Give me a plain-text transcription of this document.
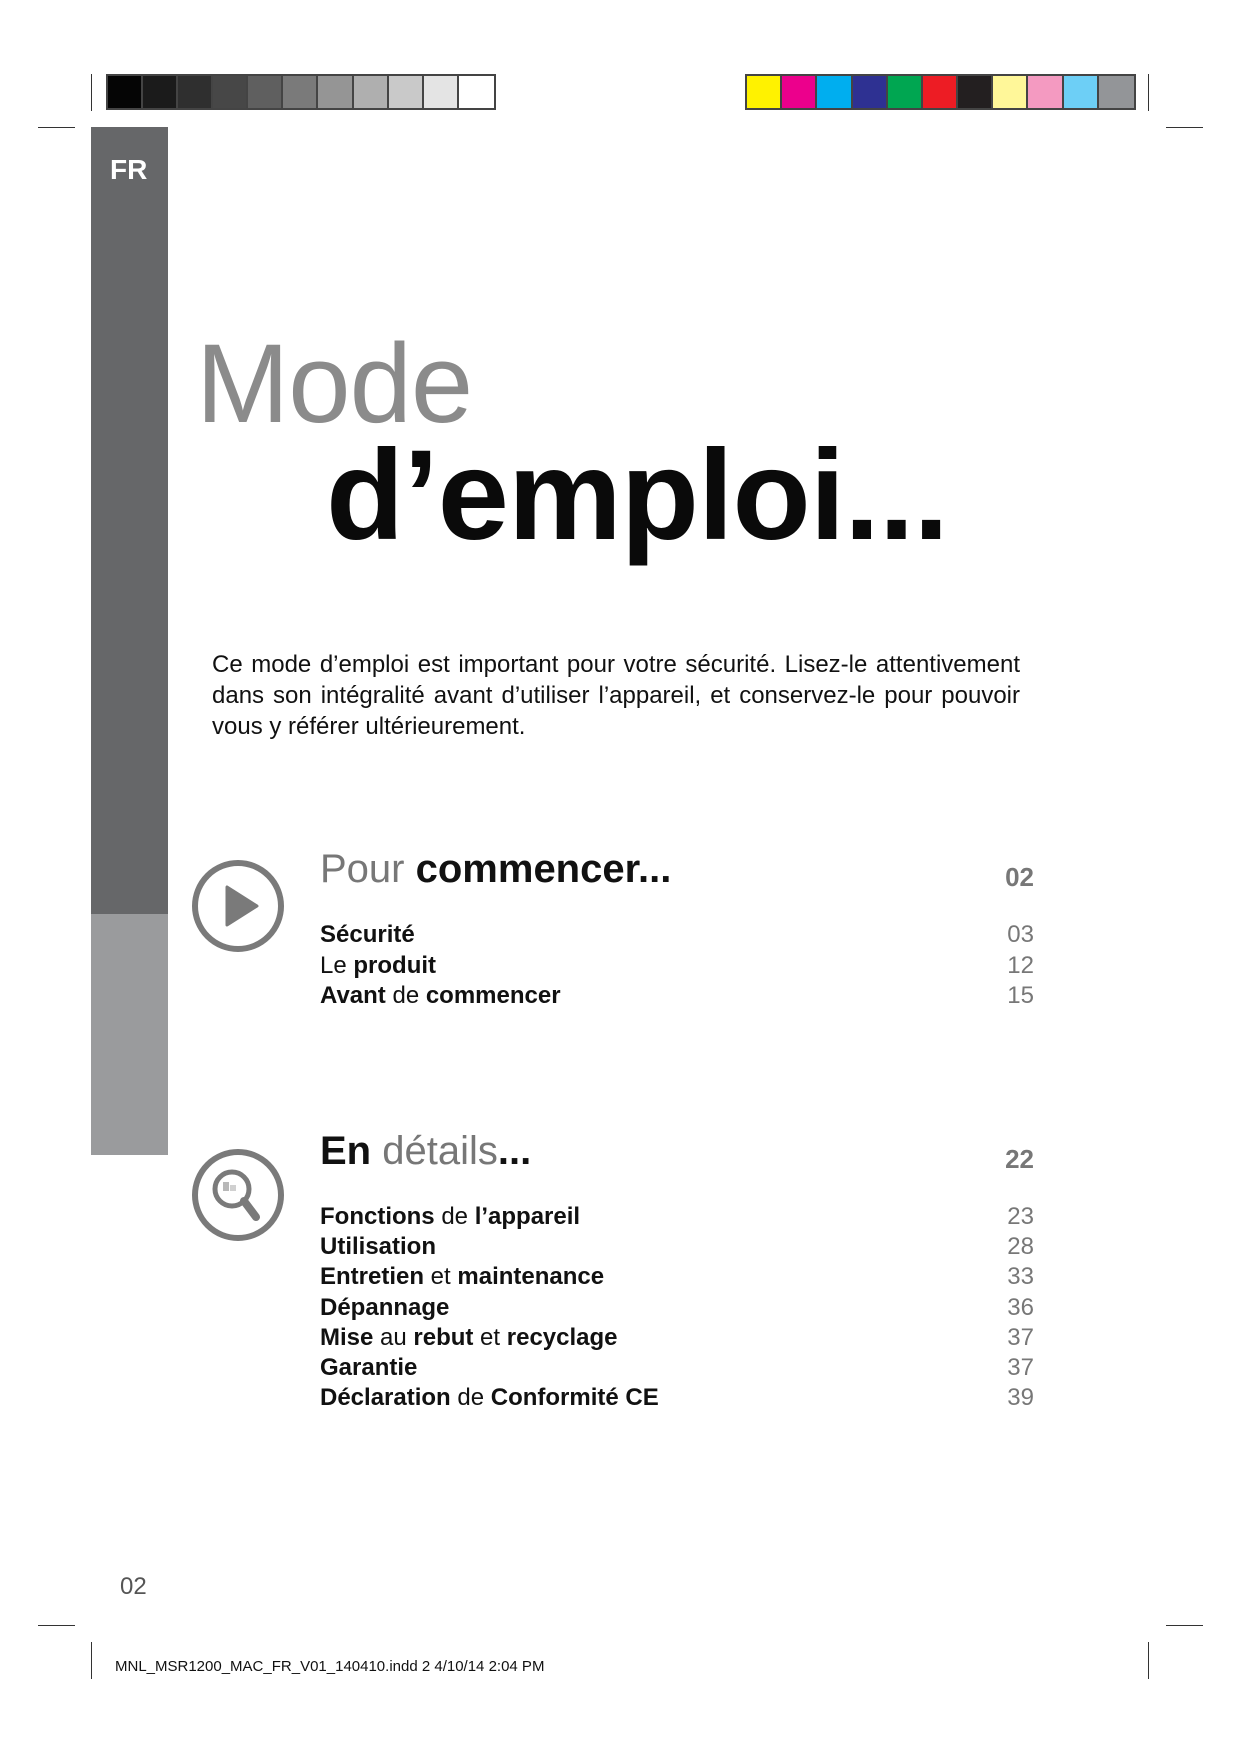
FR
Mode
d’emploi...
Ce mode d’emploi est important pour votre sécurité. Lisez-le attentivement dans son intégralité avant d’utiliser l’appareil, et conservez-le pour pouvoir vous y référer ultérieurement.
Pour commencer...	02
Sécurité	03
Le produit	12
Avant de commencer	15
En détails...	22
Fonctions de l’appareil	23
Utilisation	28
Entretien et maintenance	33
Dépannage	36
Mise au rebut et recyclage	37
Garantie	37
Déclaration de Conformité CE	39
02
MNL_MSR1200_MAC_FR_V01_140410.indd 2 4/10/14 2:04 PM
